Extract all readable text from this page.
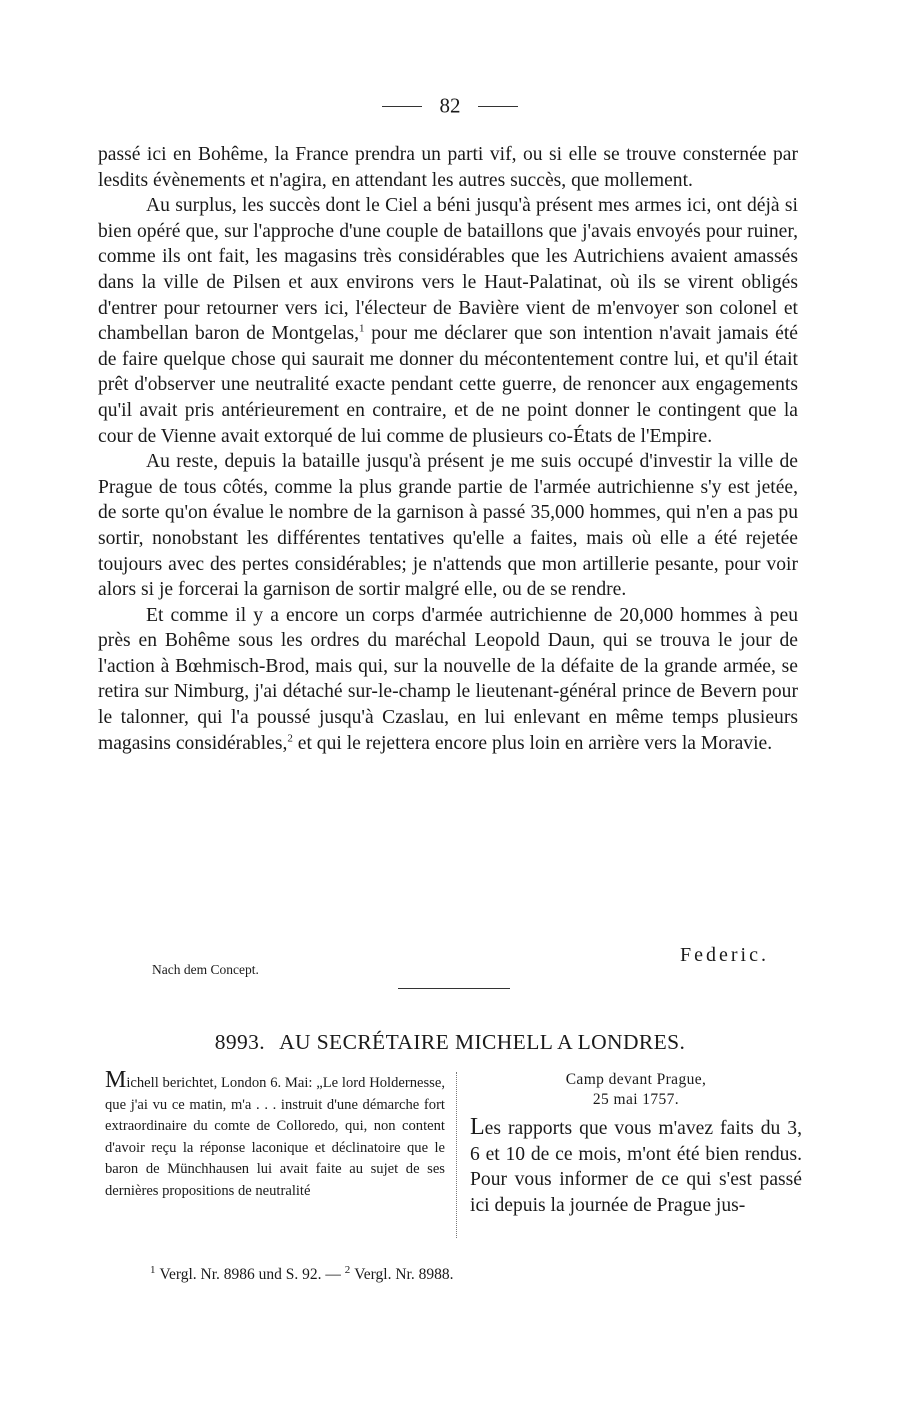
82

passé ici en Bohême, la France prendra un parti vif, ou si elle se trouve consternée par lesdits évènements et n'agira, en attendant les autres succès, que mollement.

Au surplus, les succès dont le Ciel a béni jusqu'à présent mes armes ici, ont déjà si bien opéré que, sur l'approche d'une couple de bataillons que j'avais envoyés pour ruiner, comme ils ont fait, les magasins très considérables que les Autrichiens avaient amassés dans la ville de Pilsen et aux environs vers le Haut-Palatinat, où ils se virent obligés d'entrer pour retourner vers ici, l'électeur de Bavière vient de m'envoyer son colonel et chambellan baron de Montgelas,$^1$ pour me déclarer que son intention n'avait jamais été de faire quelque chose qui saurait me donner du mécontentement contre lui, et qu'il était prêt d'observer une neutralité exacte pendant cette guerre, de renoncer aux engagements qu'il avait pris antérieurement en contraire, et de ne point donner le contingent que la cour de Vienne avait extorqué de lui comme de plusieurs co-États de l'Empire.

Au reste, depuis la bataille jusqu'à présent je me suis occupé d'investir la ville de Prague de tous côtés, comme la plus grande partie de l'armée autrichienne s'y est jetée, de sorte qu'on évalue le nombre de la garnison à passé 35,000 hommes, qui n'en a pas pu sortir, nonobstant les différentes tentatives qu'elle a faites, mais où elle a été rejetée toujours avec des pertes considérables; je n'attends que mon artillerie pesante, pour voir alors si je forcerai la garnison de sortir malgré elle, ou de se rendre.

Et comme il y a encore un corps d'armée autrichienne de 20,000 hommes à peu près en Bohême sous les ordres du maréchal Leopold Daun, qui se trouva le jour de l'action à Bœhmisch-Brod, mais qui, sur la nouvelle de la défaite de la grande armée, se retira sur Nimburg, j'ai détaché sur-le-champ le lieutenant-général prince de Bevern pour le talonner, qui l'a poussé jusqu'à Czaslau, en lui enlevant en même temps plusieurs magasins considérables,$^2$ et qui le rejettera encore plus loin en arrière vers la Moravie.

Federic.
Nach dem Concept.
8993. AU SECRÉTAIRE MICHELL A LONDRES.
Michell berichtet, London 6. Mai: „Le lord Holdernesse, que j'ai vu ce matin, m'a . . . instruit d'une démarche fort extraordinaire du comte de Colloredo, qui, non content d'avoir reçu la réponse laconique et déclinatoire que le baron de Münchhausen lui avait faite au sujet de ses dernières propositions de neutralité
Camp devant Prague,
25 mai 1757.
Les rapports que vous m'avez faits du 3, 6 et 10 de ce mois, m'ont été bien rendus. Pour vous informer de ce qui s'est passé ici depuis la journée de Prague jus-
$^1$ Vergl. Nr. 8986 und S. 92. — $^2$ Vergl. Nr. 8988.
